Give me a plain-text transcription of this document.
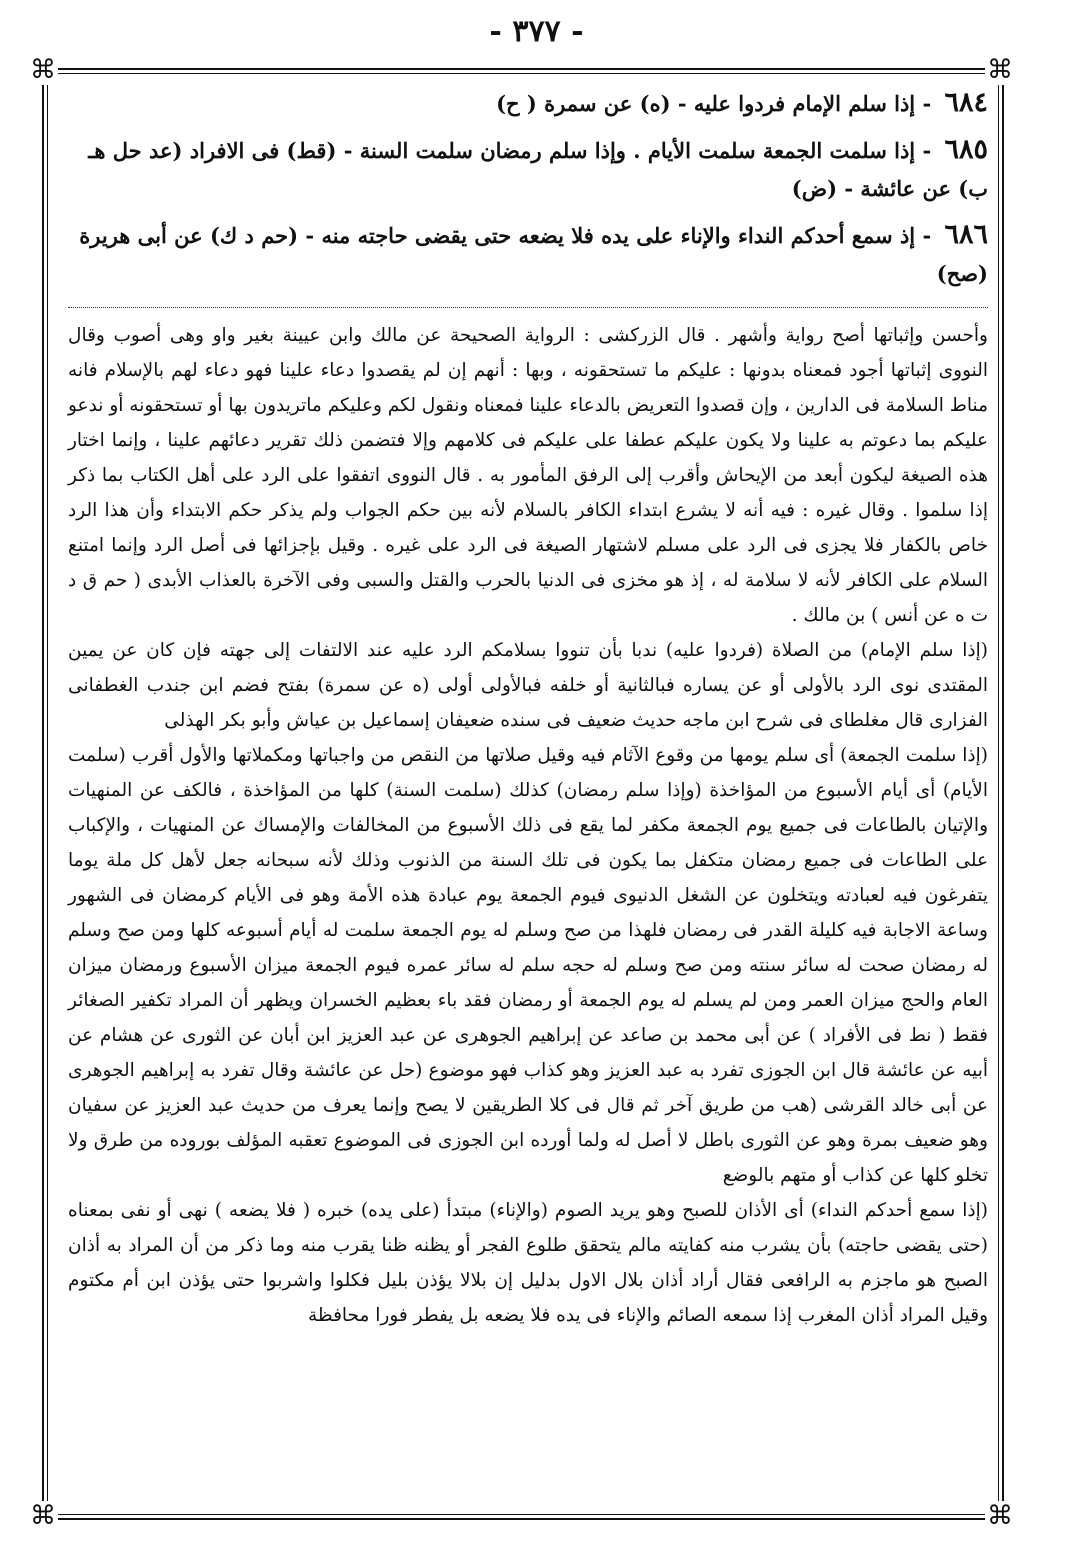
- ٣٧٧ -
⌘	⌘
⌘	⌘

٦٨٤ - إذا سلم الإمام فردوا عليه - (ه) عن سمرة ( ح)

٦٨٥ - إذا سلمت الجمعة سلمت الأيام . وإذا سلم رمضان سلمت السنة - (قط) فى الافراد (عد حل هـ ب) عن عائشة - (ض)

٦٨٦ - إذ سمع أحدكم النداء والإناء على يده فلا يضعه حتى يقضى حاجته منه - (حم د ك) عن أبى هريرة (صح)

وأحسن وإثباتها أصح رواية وأشهر . قال الزركشى : الرواية الصحيحة عن مالك وابن عيينة بغير واو وهى أصوب وقال النووى إثباتها أجود فمعناه بدونها : عليكم ما تستحقونه ، وبها : أنهم إن لم يقصدوا دعاء علينا فهو دعاء لهم بالإسلام فانه مناط السلامة فى الدارين ، وإن قصدوا التعريض بالدعاء علينا فمعناه ونقول لكم وعليكم ماتريدون بها أو تستحقونه أو ندعو عليكم بما دعوتم به علينا ولا يكون عليكم عطفا على عليكم فى كلامهم وإلا فتضمن ذلك تقرير دعائهم علينا ، وإنما اختار هذه الصيغة ليكون أبعد من الإيحاش وأقرب إلى الرفق المأمور به . قال النووى اتفقوا على الرد على أهل الكتاب بما ذكر إذا سلموا . وقال غيره : فيه أنه لا يشرع ابتداء الكافر بالسلام لأنه بين حكم الجواب ولم يذكر حكم الابتداء وأن هذا الرد خاص بالكفار فلا يجزى فى الرد على مسلم لاشتهار الصيغة فى الرد على غيره . وقيل بإجزائها فى أصل الرد وإنما امتنع السلام على الكافر لأنه لا سلامة له ، إذ هو مخزى فى الدنيا بالحرب والقتل والسبى وفى الآخرة بالعذاب الأبدى ( حم ق د ت ه عن أنس ) بن مالك .

(إذا سلم الإمام) من الصلاة (فردوا عليه) ندبا بأن تنووا بسلامكم الرد عليه عند الالتفات إلى جهته فإن كان عن يمين المقتدى نوى الرد بالأولى أو عن يساره فبالثانية أو خلفه فبالأولى أولى (ه عن سمرة) بفتح فضم ابن جندب الغطفانى الفزارى قال مغلطاى فى شرح ابن ماجه حديث ضعيف فى سنده ضعيفان إسماعيل بن عياش وأبو بكر الهذلى

(إذا سلمت الجمعة) أى سلم يومها من وقوع الآثام فيه وقيل صلاتها من النقص من واجباتها ومكملاتها والأول أقرب (سلمت الأيام) أى أيام الأسبوع من المؤاخذة (وإذا سلم رمضان) كذلك (سلمت السنة) كلها من المؤاخذة ، فالكف عن المنهيات والإتيان بالطاعات فى جميع يوم الجمعة مكفر لما يقع فى ذلك الأسبوع من المخالفات والإمساك عن المنهيات ، والإكباب على الطاعات فى جميع رمضان متكفل بما يكون فى تلك السنة من الذنوب وذلك لأنه سبحانه جعل لأهل كل ملة يوما يتفرغون فيه لعبادته ويتخلون عن الشغل الدنيوى فيوم الجمعة يوم عبادة هذه الأمة وهو فى الأيام كرمضان فى الشهور وساعة الاجابة فيه كليلة القدر فى رمضان فلهذا من صح وسلم له يوم الجمعة سلمت له أيام أسبوعه كلها ومن صح وسلم له رمضان صحت له سائر سنته ومن صح وسلم له حجه سلم له سائر عمره فيوم الجمعة ميزان الأسبوع ورمضان ميزان العام والحج ميزان العمر ومن لم يسلم له يوم الجمعة أو رمضان فقد باء بعظيم الخسران ويظهر أن المراد تكفير الصغائر فقط ( نط فى الأفراد ) عن أبى محمد بن صاعد عن إبراهيم الجوهرى عن عبد العزيز ابن أبان عن الثورى عن هشام عن أبيه عن عائشة قال ابن الجوزى تفرد به عبد العزيز وهو كذاب فهو موضوع (حل عن عائشة وقال تفرد به إبراهيم الجوهرى عن أبى خالد القرشى (هب من طريق آخر ثم قال فى كلا الطريقين لا يصح وإنما يعرف من حديث عبد العزيز عن سفيان وهو ضعيف بمرة وهو عن الثورى باطل لا أصل له ولما أورده ابن الجوزى فى الموضوع تعقبه المؤلف بوروده من طرق ولا تخلو كلها عن كذاب أو متهم بالوضع

(إذا سمع أحدكم النداء) أى الأذان للصبح وهو يريد الصوم (والإناء) مبتدأ (على يده) خبره ( فلا يضعه ) نهى أو نفى بمعناه (حتى يقضى حاجته) بأن يشرب منه كفايته مالم يتحقق طلوع الفجر أو يظنه ظنا يقرب منه وما ذكر من أن المراد به أذان الصبح هو ماجزم به الرافعى فقال أراد أذان بلال الاول بدليل إن بلالا يؤذن بليل فكلوا واشربوا حتى يؤذن ابن أم مكتوم وقيل المراد أذان المغرب إذا سمعه الصائم والإناء فى يده فلا يضعه بل يفطر فورا محافظة
